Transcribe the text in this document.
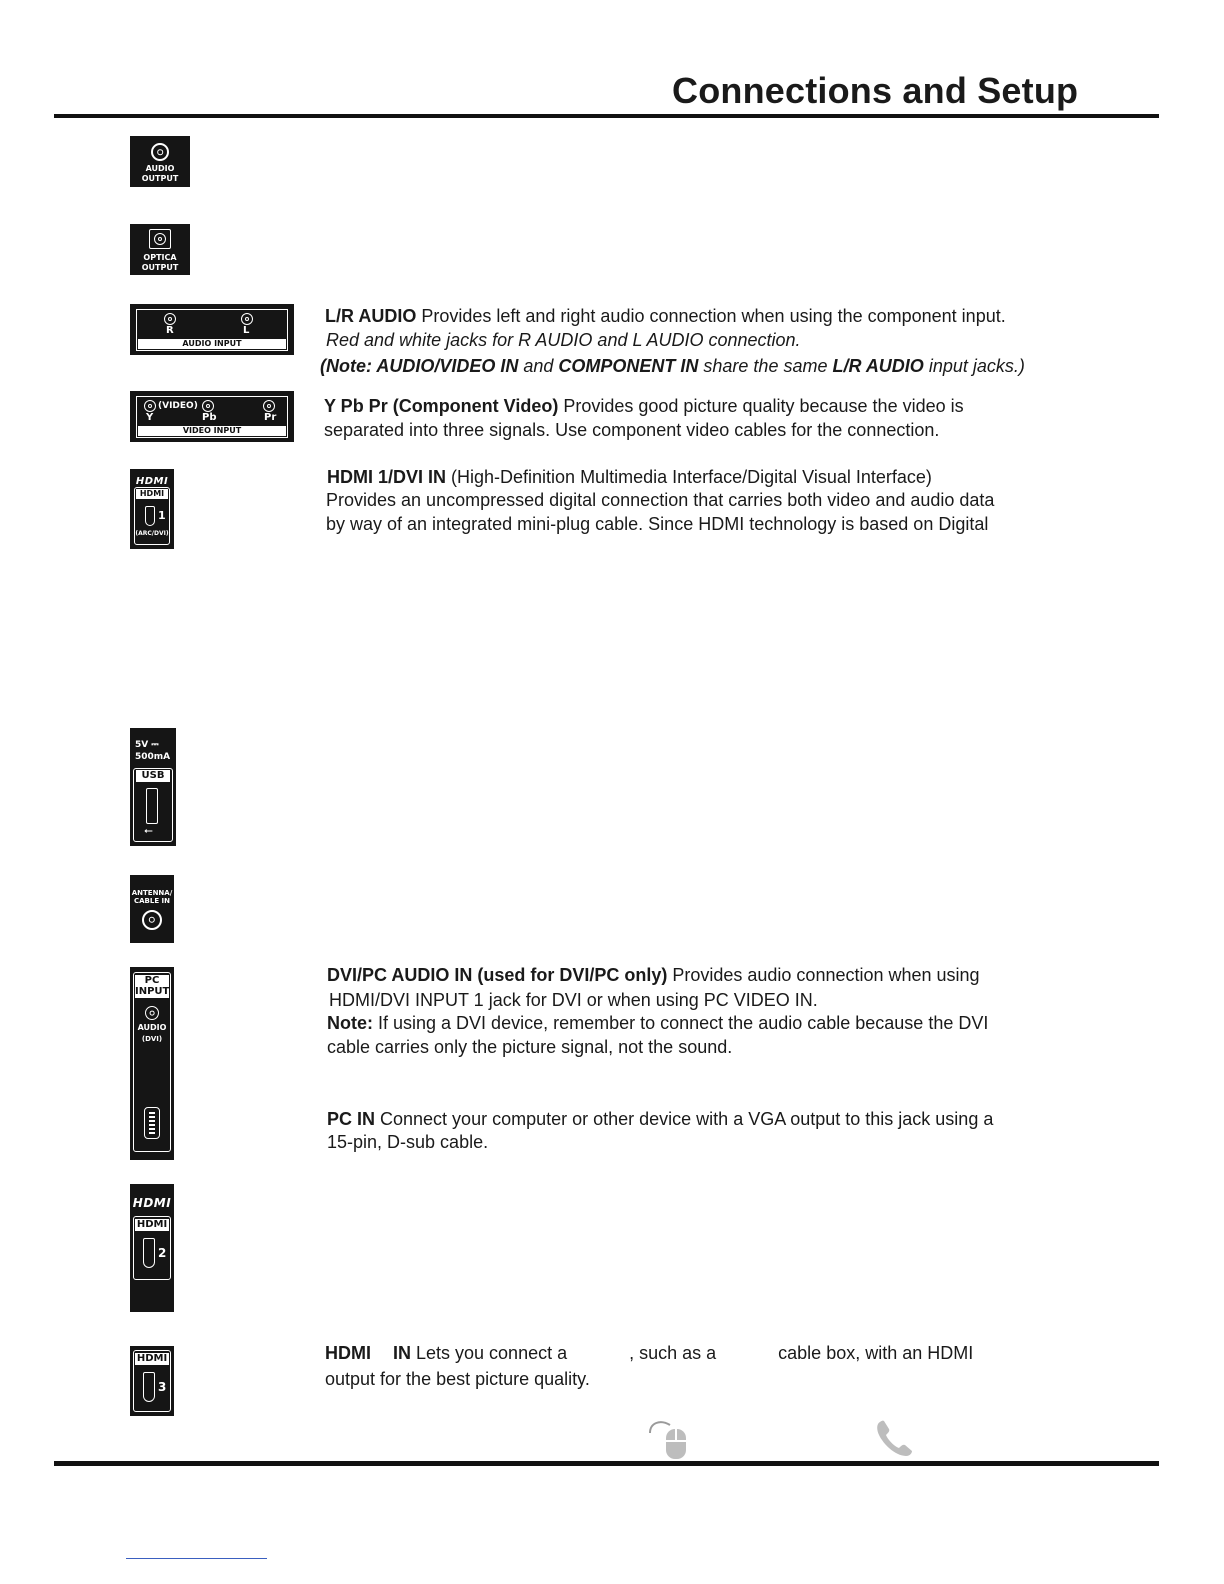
Connections and Setup
AUDIO
OUTPUT
OPTICA
OUTPUT
R	L
AUDIO INPUT
(VIDEO)
Y	Pb	Pr
VIDEO INPUT
HDMI
HDMI
1
(ARC/DVI)
5V ⎓
500mA
USB
⭠
ANTENNA/
CABLE IN
PC
INPUT
AUDIO
(DVI)
HDMI
HDMI
2
HDMI
3
L/R AUDIO Provides left and right audio connection when using the component input.
Red and white jacks for R AUDIO and L AUDIO connection.
(Note: AUDIO/VIDEO IN and COMPONENT IN share the same L/R AUDIO input jacks.)
Y Pb Pr (Component Video) Provides good picture quality because the video is
separated into three signals. Use component video cables for the connection.
HDMI 1/DVI IN (High-Definition Multimedia Interface/Digital Visual Interface)
Provides an uncompressed digital connection that carries both video and audio data
by way of an integrated mini-plug cable. Since HDMI technology is based on Digital
DVI/PC AUDIO IN (used for DVI/PC only) Provides audio connection when using
HDMI/DVI INPUT 1 jack for DVI or when using PC VIDEO IN.
Note: If using a DVI device, remember to connect the audio cable because the DVI
cable carries only the picture signal, not the sound.
PC IN Connect your computer or other device with a VGA output to this jack using a
15-pin, D-sub cable.
HDMI IN Lets you connect a	, such as a	cable box, with an HDMI
output for the best picture quality.
